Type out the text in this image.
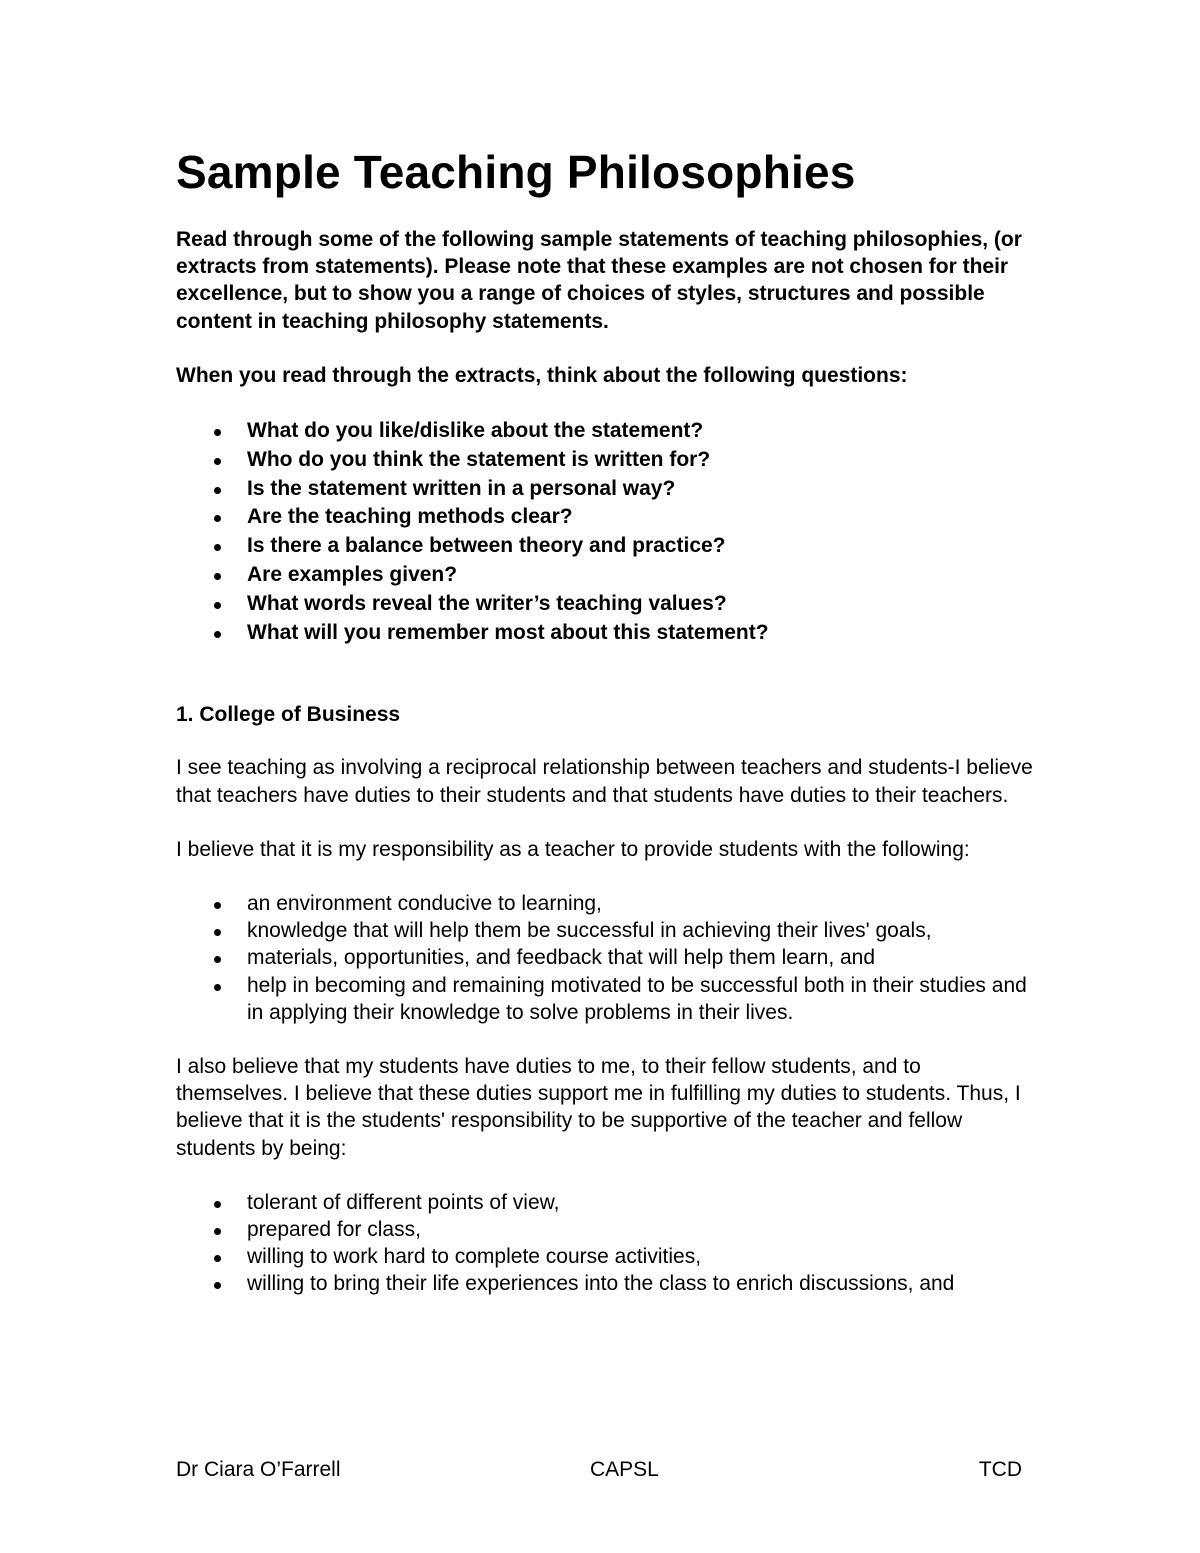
Sample Teaching Philosophies

Read through some of the following sample statements of teaching philosophies, (or extracts from statements). Please note that these examples are not chosen for their excellence, but to show you a range of choices of styles, structures and possible content in teaching philosophy statements.

When you read through the extracts, think about the following questions:

What do you like/dislike about the statement?
Who do you think the statement is written for?
Is the statement written in a personal way?
Are the teaching methods clear?
Is there a balance between theory and practice?
Are examples given?
What words reveal the writer’s teaching values?
What will you remember most about this statement?

1. College of Business

I see teaching as involving a reciprocal relationship between teachers and students-I believe that teachers have duties to their students and that students have duties to their teachers.

I believe that it is my responsibility as a teacher to provide students with the following:

an environment conducive to learning,
knowledge that will help them be successful in achieving their lives' goals,
materials, opportunities, and feedback that will help them learn, and
help in becoming and remaining motivated to be successful both in their studies and in applying their knowledge to solve problems in their lives.

I also believe that my students have duties to me, to their fellow students, and to themselves. I believe that these duties support me in fulfilling my duties to students. Thus, I believe that it is the students' responsibility to be supportive of the teacher and fellow students by being:

tolerant of different points of view,
prepared for class,
willing to work hard to complete course activities,
willing to bring their life experiences into the class to enrich discussions, and
Dr Ciara O’Farrell	CAPSL	TCD
